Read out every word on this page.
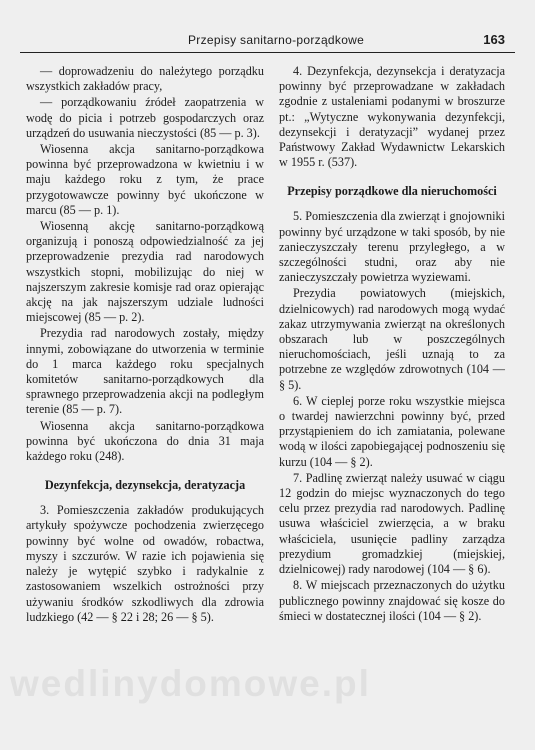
Przepisy sanitarno-porządkowe	163

— doprowadzeniu do należytego porządku wszystkich zakładów pracy,

— porządkowaniu źródeł zaopatrzenia w wodę do picia i potrzeb gospodarczych oraz urządzeń do usuwania nieczystości (85 — p. 3).

Wiosenna akcja sanitarno-porządkowa powinna być przeprowadzona w kwietniu i w maju każdego roku z tym, że prace przygotowawcze powinny być ukończone w marcu (85 — p. 1).

Wiosenną akcję sanitarno-porządkową organizują i ponoszą odpowiedzialność za jej przeprowadzenie prezydia rad narodowych wszystkich stopni, mobilizując do niej w najszerszym zakresie komisje rad oraz opierając akcję na jak najszerszym udziale ludności miejscowej (85 — p. 2).

Prezydia rad narodowych zostały, między innymi, zobowiązane do utworzenia w terminie do 1 marca każdego roku specjalnych komitetów sanitarno-porządkowych dla sprawnego przeprowadzenia akcji na podległym terenie (85 — p. 7).

Wiosenna akcja sanitarno-porządkowa powinna być ukończona do dnia 31 maja każdego roku (248).

Dezynfekcja, dezynsekcja, deratyzacja

3. Pomieszczenia zakładów produkujących artykuły spożywcze pochodzenia zwierzęcego powinny być wolne od owadów, robactwa, myszy i szczurów. W razie ich pojawienia się należy je wytępić szybko i radykalnie z zastosowaniem wszelkich ostrożności przy używaniu środków szkodliwych dla zdrowia ludzkiego (42 — § 22 i 28; 26 — § 5).

4. Dezynfekcja, dezynsekcja i deratyzacja powinny być przeprowadzane w zakładach zgodnie z ustaleniami podanymi w broszurze pt.: „Wytyczne wykonywania dezynfekcji, dezynsekcji i deratyzacji” wydanej przez Państwowy Zakład Wydawnictw Lekarskich w 1955 r. (537).

Przepisy porządkowe dla nieruchomości

5. Pomieszczenia dla zwierząt i gnojowniki powinny być urządzone w taki sposób, by nie zanieczyszczały terenu przyległego, a w szczególności studni, oraz aby nie zanieczyszczały powietrza wyziewami.

Prezydia powiatowych (miejskich, dzielnicowych) rad narodowych mogą wydać zakaz utrzymywania zwierząt na określonych obszarach lub w poszczególnych nieruchomościach, jeśli uznają to za potrzebne ze względów zdrowotnych (104 — § 5).

6. W cieplej porze roku wszystkie miejsca o twardej nawierzchni powinny być, przed przystąpieniem do ich zamiatania, polewane wodą w ilości zapobiegającej podnoszeniu się kurzu (104 — § 2).

7. Padlinę zwierząt należy usuwać w ciągu 12 godzin do miejsc wyznaczonych do tego celu przez prezydia rad narodowych. Padlinę usuwa właściciel zwierzęcia, a w braku właściciela, usunięcie padliny zarządza prezydium gromadzkiej (miejskiej, dzielnicowej) rady narodowej (104 — § 6).

8. W miejscach przeznaczonych do użytku publicznego powinny znajdować się kosze do śmieci w dostatecznej ilości (104 — § 2).

wedlinydomowe.pl
